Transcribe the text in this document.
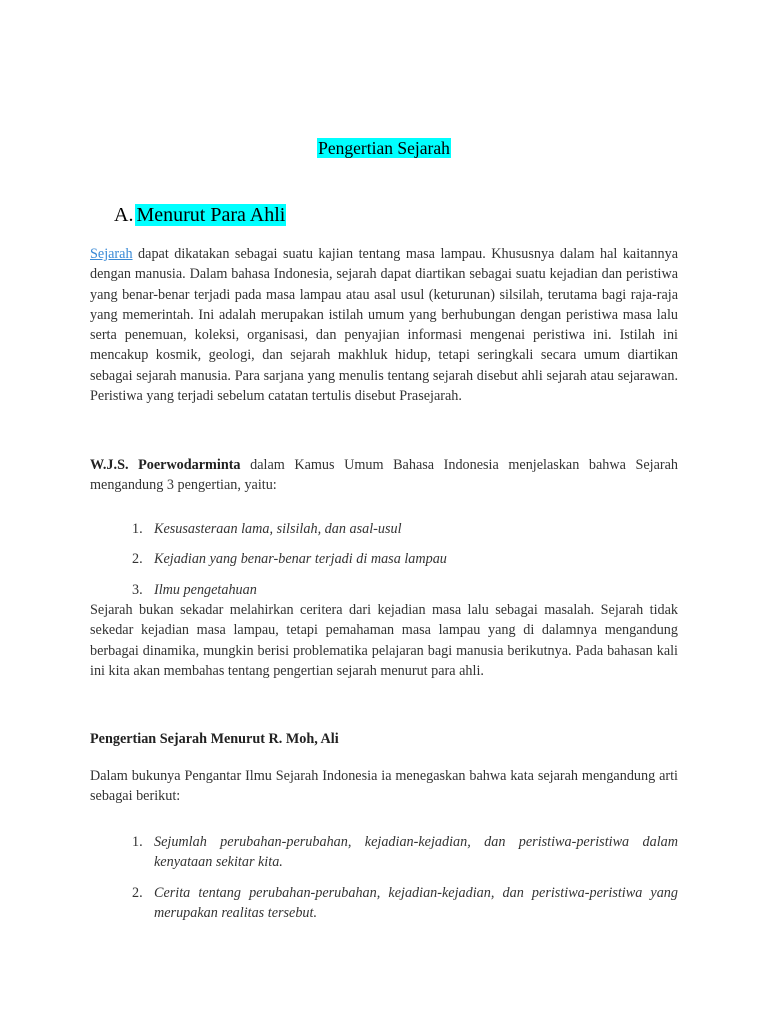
Pengertian Sejarah
A. Menurut Para Ahli

Sejarah dapat dikatakan sebagai suatu kajian tentang masa lampau. Khususnya dalam hal kaitannya dengan manusia. Dalam bahasa Indonesia, sejarah dapat diartikan sebagai suatu kejadian dan peristiwa yang benar-benar terjadi pada masa lampau atau asal usul (keturunan) silsilah, terutama bagi raja-raja yang memerintah. Ini adalah merupakan istilah umum yang berhubungan dengan peristiwa masa lalu serta penemuan, koleksi, organisasi, dan penyajian informasi mengenai peristiwa ini. Istilah ini mencakup kosmik, geologi, dan sejarah makhluk hidup, tetapi seringkali secara umum diartikan sebagai sejarah manusia. Para sarjana yang menulis tentang sejarah disebut ahli sejarah atau sejarawan. Peristiwa yang terjadi sebelum catatan tertulis disebut Prasejarah.

W.J.S. Poerwodarminta dalam Kamus Umum Bahasa Indonesia menjelaskan bahwa Sejarah mengandung 3 pengertian, yaitu:

1. Kesusasteraan lama, silsilah, dan asal-usul
2. Kejadian yang benar-benar terjadi di masa lampau
3. Ilmu pengetahuan

Sejarah bukan sekadar melahirkan ceritera dari kejadian masa lalu sebagai masalah. Sejarah tidak sekedar kejadian masa lampau, tetapi pemahaman masa lampau yang di dalamnya mengandung berbagai dinamika, mungkin berisi problematika pelajaran bagi manusia berikutnya. Pada bahasan kali ini kita akan membahas tentang pengertian sejarah menurut para ahli.

Pengertian Sejarah Menurut R. Moh, Ali

Dalam bukunya Pengantar Ilmu Sejarah Indonesia ia menegaskan bahwa kata sejarah mengandung arti sebagai berikut:

1. Sejumlah perubahan-perubahan, kejadian-kejadian, dan peristiwa-peristiwa dalam kenyataan sekitar kita.
2. Cerita tentang perubahan-perubahan, kejadian-kejadian, dan peristiwa-peristiwa yang merupakan realitas tersebut.
